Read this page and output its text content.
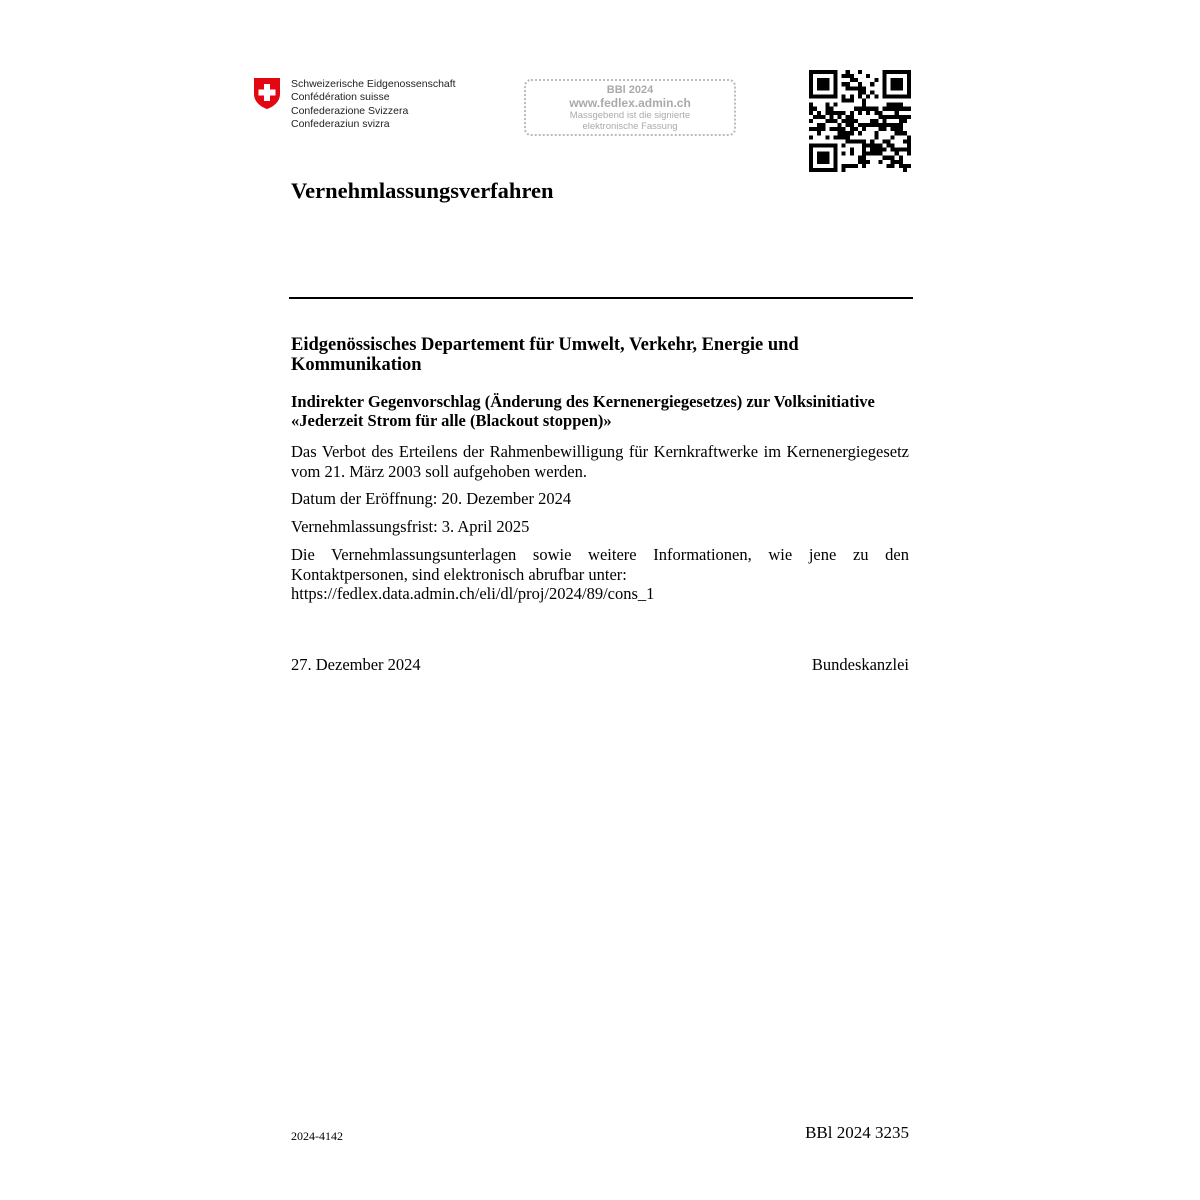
Schweizerische Eidgenossenschaft
Confédération suisse
Confederazione Svizzera
Confederaziun svizra
BBl 2024
www.fedlex.admin.ch
Massgebend ist die signierte
elektronische Fassung
Vernehmlassungsverfahren
Eidgenössisches Departement für Umwelt, Verkehr, Energie und Kommunikation
Indirekter Gegenvorschlag (Änderung des Kernenergiegesetzes) zur Volksinitiative «Jederzeit Strom für alle (Blackout stoppen)»
Das Verbot des Erteilens der Rahmenbewilligung für Kernkraftwerke im Kernenergiegesetz vom 21. März 2003 soll aufgehoben werden.
Datum der Eröffnung: 20. Dezember 2024
Vernehmlassungsfrist: 3. April 2025
Die Vernehmlassungsunterlagen sowie weitere Informationen, wie jene zu den Kontaktpersonen, sind elektronisch abrufbar unter:
https://fedlex.data.admin.ch/eli/dl/proj/2024/89/cons_1
27. Dezember 2024	Bundeskanzlei
2024-4142	BBl 2024 3235
